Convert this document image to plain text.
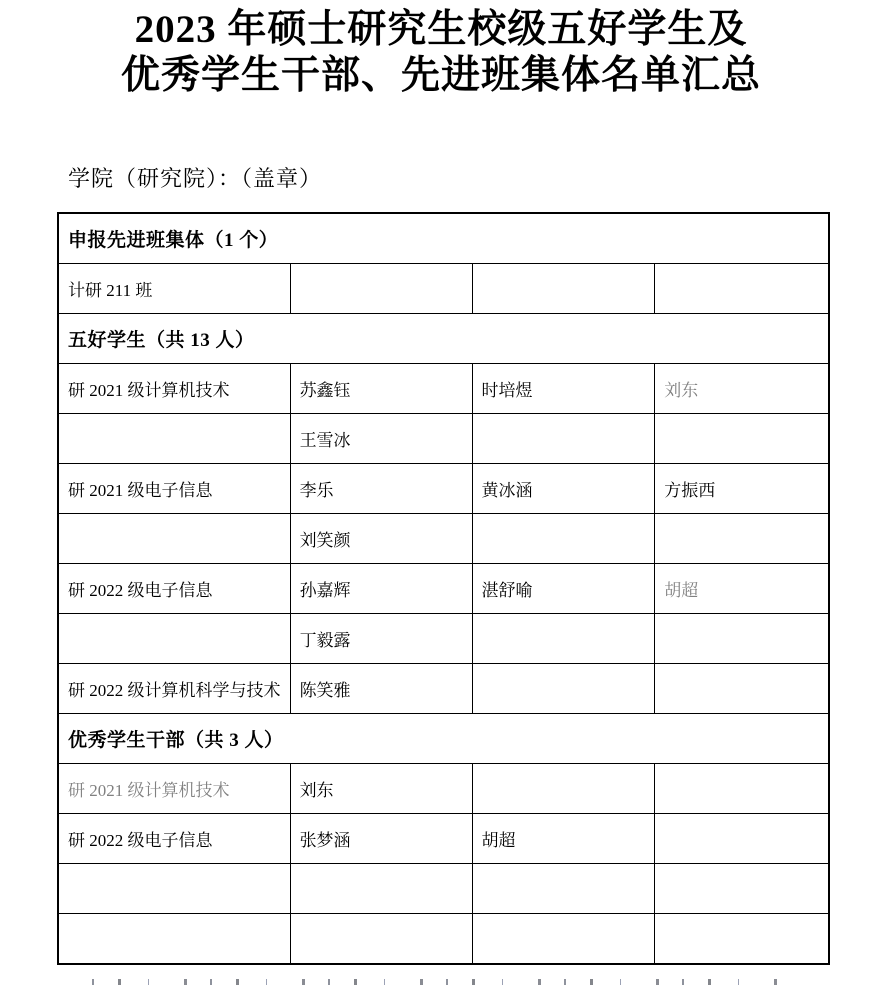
2023 年硕士研究生校级五好学生及
优秀学生干部、先进班集体名单汇总
学院（研究院）：（盖章）
申报先进班集体（1 个）			
计研 211 班			
五好学生（共 13 人）			
研 2021 级计算机技术	苏鑫钰	时培煜	刘东
	王雪冰		
研 2021 级电子信息	李乐	黄冰涵	方振西
	刘笑颜		
研 2022 级电子信息	孙嘉辉	湛舒喻	胡超
	丁毅露		
研 2022 级计算机科学与技术	陈笑雅		
优秀学生干部（共 3 人）			
研 2021 级计算机技术	刘东		
研 2022 级电子信息	张梦涵	胡超	
